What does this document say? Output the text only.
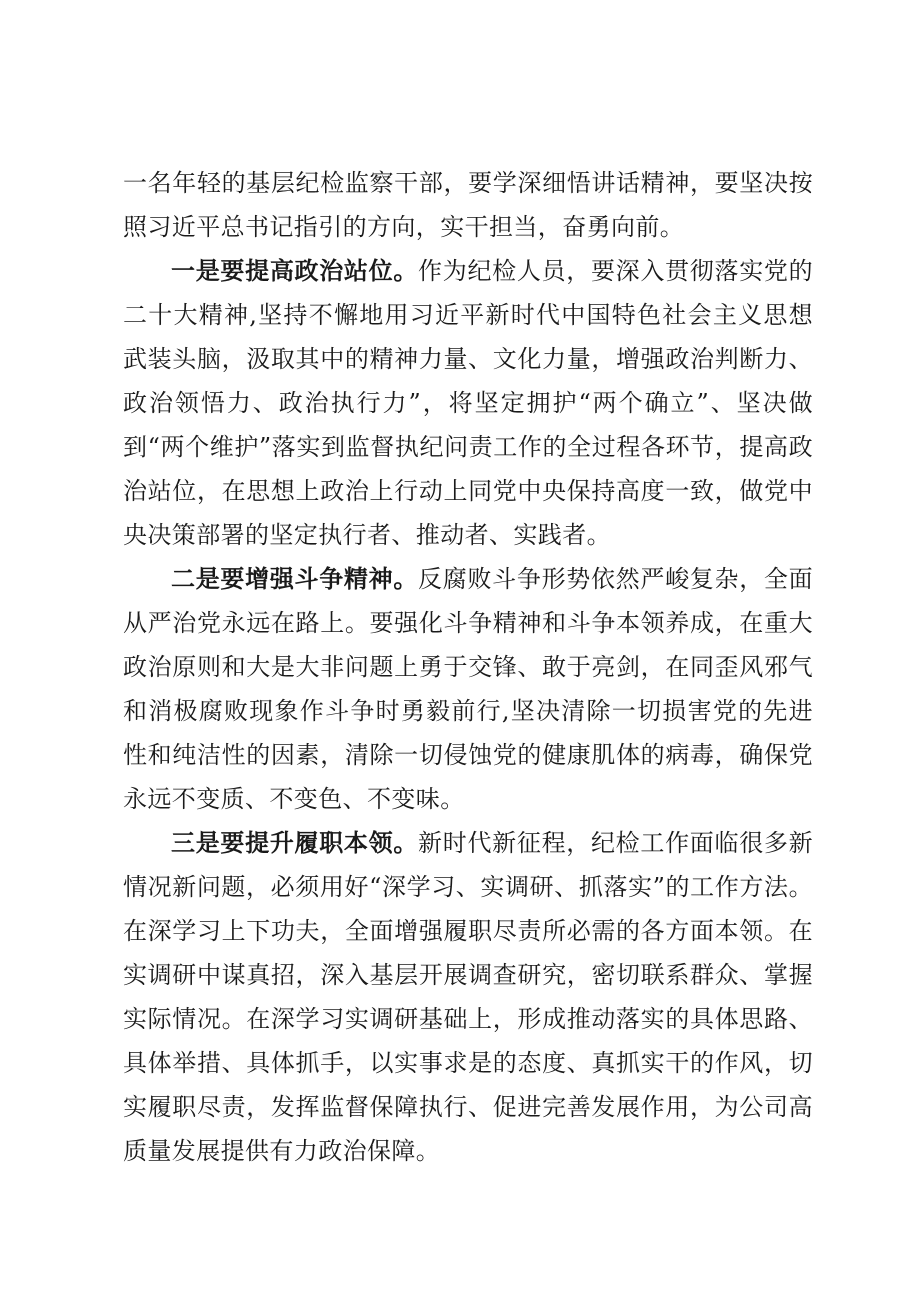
一名年轻的基层纪检监察干部，要学深细悟讲话精神，要坚决按照习近平总书记指引的方向，实干担当，奋勇向前。

一是要提高政治站位。作为纪检人员，要深入贯彻落实党的二十大精神,坚持不懈地用习近平新时代中国特色社会主义思想武装头脑，汲取其中的精神力量、文化力量，增强政治判断力、政治领悟力、政治执行力”，将坚定拥护“两个确立”、坚决做到“两个维护”落实到监督执纪问责工作的全过程各环节，提高政治站位，在思想上政治上行动上同党中央保持高度一致，做党中央决策部署的坚定执行者、推动者、实践者。

二是要增强斗争精神。反腐败斗争形势依然严峻复杂，全面从严治党永远在路上。要强化斗争精神和斗争本领养成，在重大政治原则和大是大非问题上勇于交锋、敢于亮剑，在同歪风邪气和消极腐败现象作斗争时勇毅前行,坚决清除一切损害党的先进性和纯洁性的因素，清除一切侵蚀党的健康肌体的病毒，确保党永远不变质、不变色、不变味。

三是要提升履职本领。新时代新征程，纪检工作面临很多新情况新问题，必须用好“深学习、实调研、抓落实”的工作方法。在深学习上下功夫，全面增强履职尽责所必需的各方面本领。在实调研中谋真招，深入基层开展调查研究，密切联系群众、掌握实际情况。在深学习实调研基础上，形成推动落实的具体思路、具体举措、具体抓手，以实事求是的态度、真抓实干的作风，切实履职尽责，发挥监督保障执行、促进完善发展作用，为公司高质量发展提供有力政治保障。
